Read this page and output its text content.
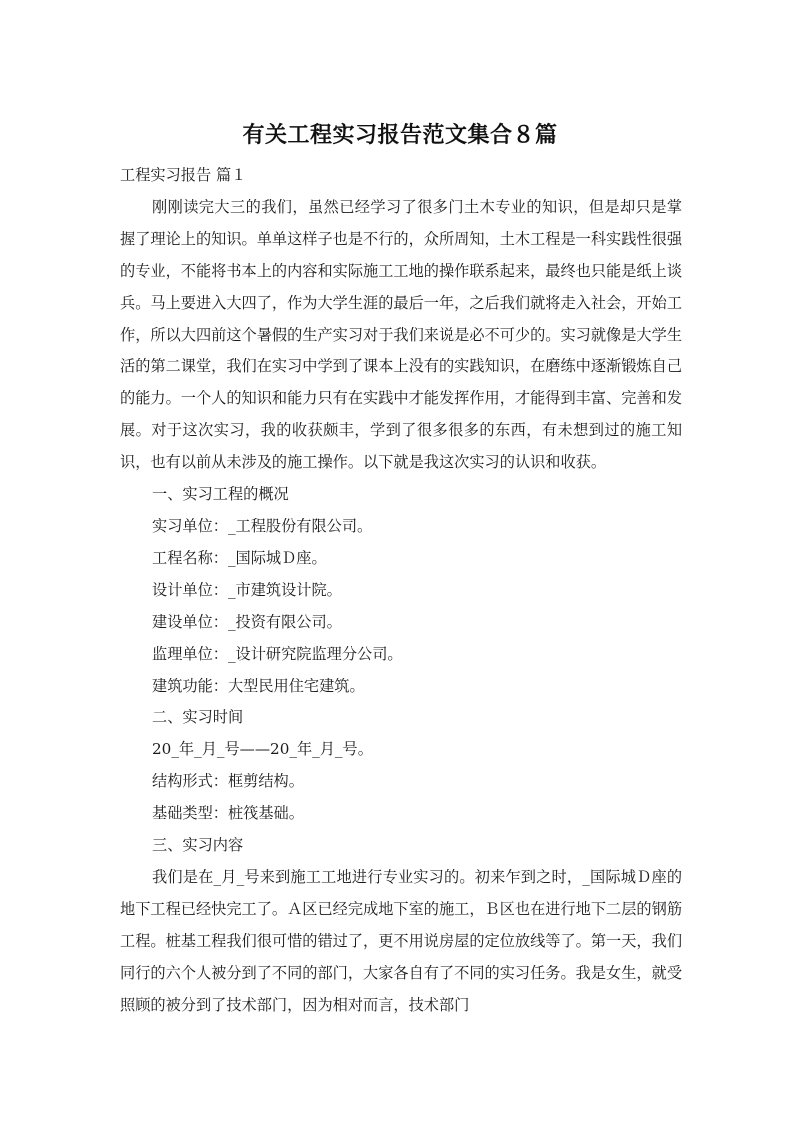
有关工程实习报告范文集合８篇

工程实习报告 篇１

刚刚读完大三的我们，虽然已经学习了很多门土木专业的知识，但是却只是掌握了理论上的知识。单单这样子也是不行的，众所周知，土木工程是一科实践性很强的专业，不能将书本上的内容和实际施工工地的操作联系起来，最终也只能是纸上谈兵。马上要进入大四了，作为大学生涯的最后一年，之后我们就将走入社会，开始工作，所以大四前这个暑假的生产实习对于我们来说是必不可少的。实习就像是大学生活的第二课堂，我们在实习中学到了课本上没有的实践知识，在磨练中逐渐锻炼自己的能力。一个人的知识和能力只有在实践中才能发挥作用，才能得到丰富、完善和发展。对于这次实习，我的收获颇丰，学到了很多很多的东西，有未想到过的施工知识，也有以前从未涉及的施工操作。以下就是我这次实习的认识和收获。

一、实习工程的概况

实习单位：_工程股份有限公司。

工程名称：_国际城Ｄ座。

设计单位：_市建筑设计院。

建设单位：_投资有限公司。

监理单位：_设计研究院监理分公司。

建筑功能：大型民用住宅建筑。

二、实习时间

20_年_月_号——20_年_月_号。

结构形式：框剪结构。

基础类型：桩筏基础。

三、实习内容

我们是在_月_号来到施工工地进行专业实习的。初来乍到之时，_国际城Ｄ座的地下工程已经快完工了。Ａ区已经完成地下室的施工，Ｂ区也在进行地下二层的钢筋工程。桩基工程我们很可惜的错过了，更不用说房屋的定位放线等了。第一天，我们同行的六个人被分到了不同的部门，大家各自有了不同的实习任务。我是女生，就受照顾的被分到了技术部门，因为相对而言，技术部门
